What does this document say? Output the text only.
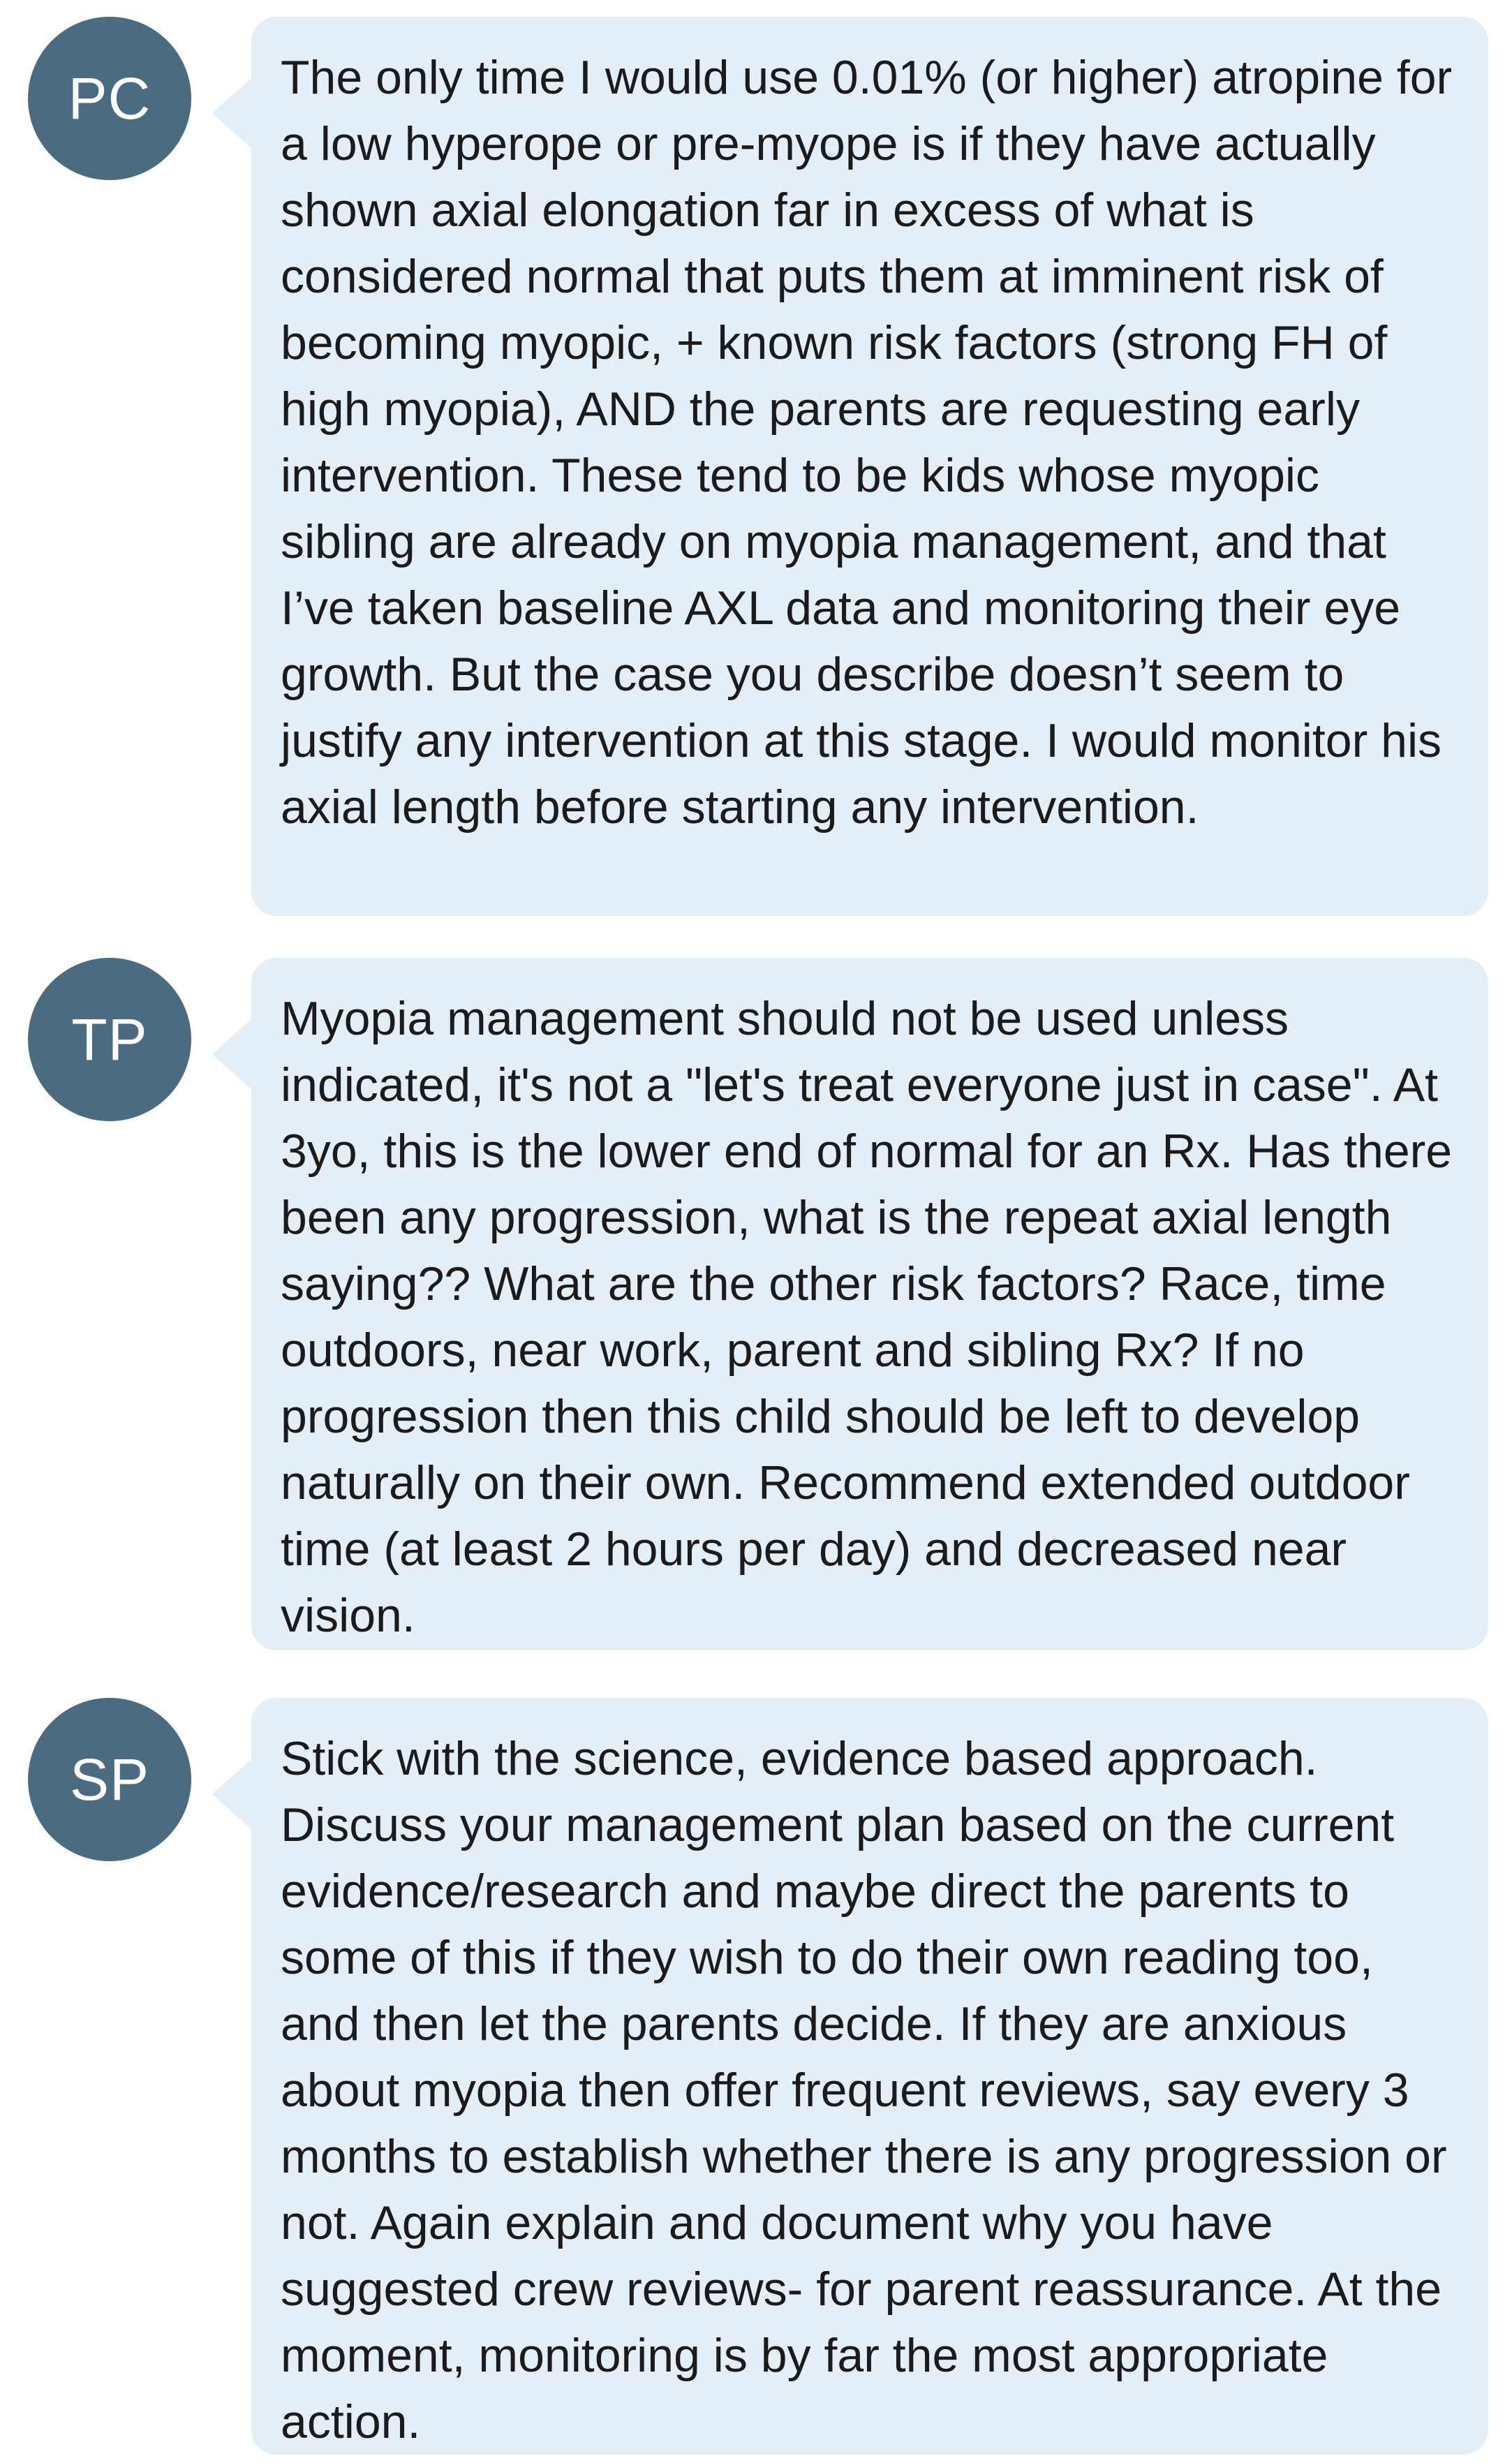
PC	The only time I would use 0.01% (or higher) atropine for a low hyperope or pre-myope is if they have actually shown axial elongation far in excess of what is considered normal that puts them at imminent risk of becoming myopic, + known risk factors (strong FH of high myopia), AND the parents are requesting early intervention. These tend to be kids whose myopic sibling are already on myopia management, and that I’ve taken baseline AXL data and monitoring their eye growth. But the case you describe doesn’t seem to justify any intervention at this stage. I would monitor his axial length before starting any intervention.

TP	Myopia management should not be used unless indicated, it's not a "let's treat everyone just in case". At 3yo, this is the lower end of normal for an Rx. Has there been any progression, what is the repeat axial length saying?? What are the other risk factors? Race, time outdoors, near work, parent and sibling Rx? If no progression then this child should be left to develop naturally on their own. Recommend extended outdoor time (at least 2 hours per day) and decreased near vision.

SP	Stick with the science, evidence based approach. Discuss your management plan based on the current evidence/research and maybe direct the parents to some of this if they wish to do their own reading too, and then let the parents decide. If they are anxious about myopia then offer frequent reviews, say every 3 months to establish whether there is any progression or not. Again explain and document why you have suggested crew reviews- for parent reassurance. At the moment, monitoring is by far the most appropriate action.
